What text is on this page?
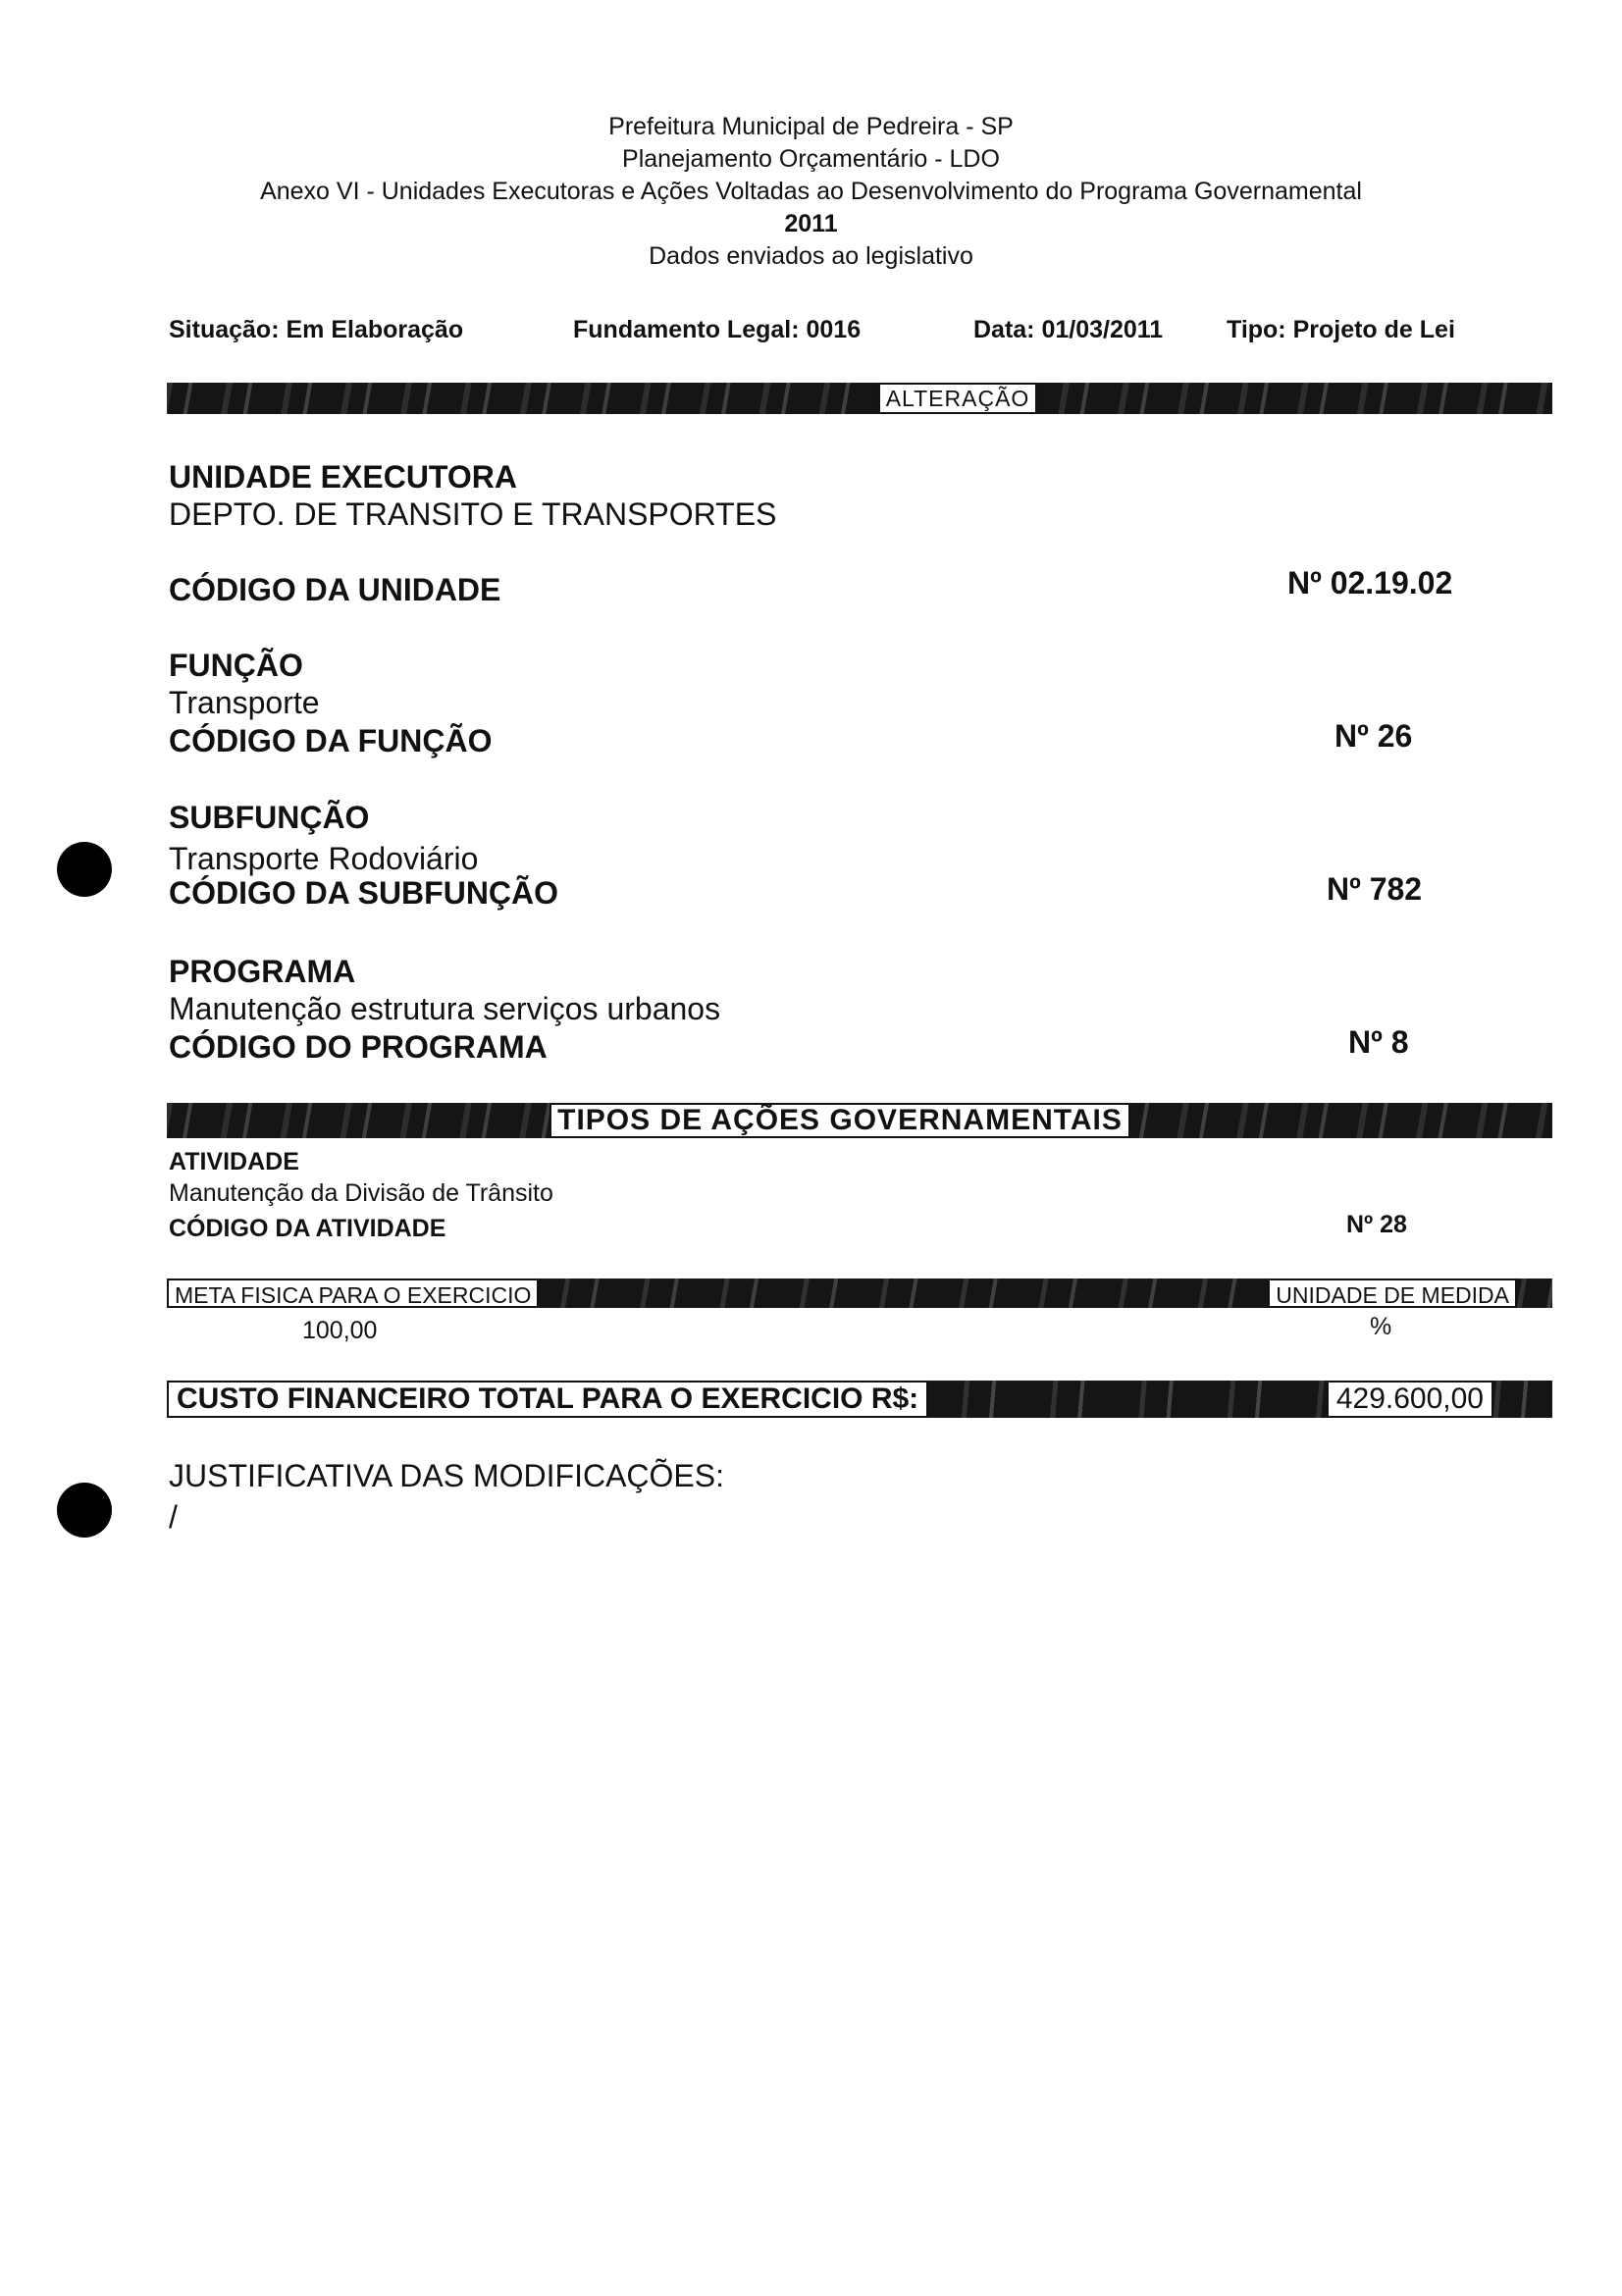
Prefeitura Municipal de Pedreira - SP
Planejamento Orçamentário - LDO
Anexo VI - Unidades Executoras e Ações Voltadas ao Desenvolvimento do Programa Governamental
2011
Dados enviados ao legislativo
Situação: Em Elaboração	Fundamento Legal: 0016	Data: 01/03/2011	Tipo: Projeto de Lei
ALTERAÇÃO
UNIDADE EXECUTORA
DEPTO. DE TRANSITO E TRANSPORTES
CÓDIGO DA UNIDADE	Nº 02.19.02
FUNÇÃO
Transporte
CÓDIGO DA FUNÇÃO	Nº 26
SUBFUNÇÃO
Transporte Rodoviário
CÓDIGO DA SUBFUNÇÃO	Nº 782
PROGRAMA
Manutenção estrutura serviços urbanos
CÓDIGO DO PROGRAMA	Nº 8
TIPOS DE AÇÕES GOVERNAMENTAIS
ATIVIDADE
Manutenção da Divisão de Trânsito
CÓDIGO DA ATIVIDADE	Nº 28
META FISICA PARA O EXERCICIO	UNIDADE DE MEDIDA
100,00	%
CUSTO FINANCEIRO TOTAL PARA O EXERCICIO R$:	429.600,00
JUSTIFICATIVA DAS MODIFICAÇÕES:
/
